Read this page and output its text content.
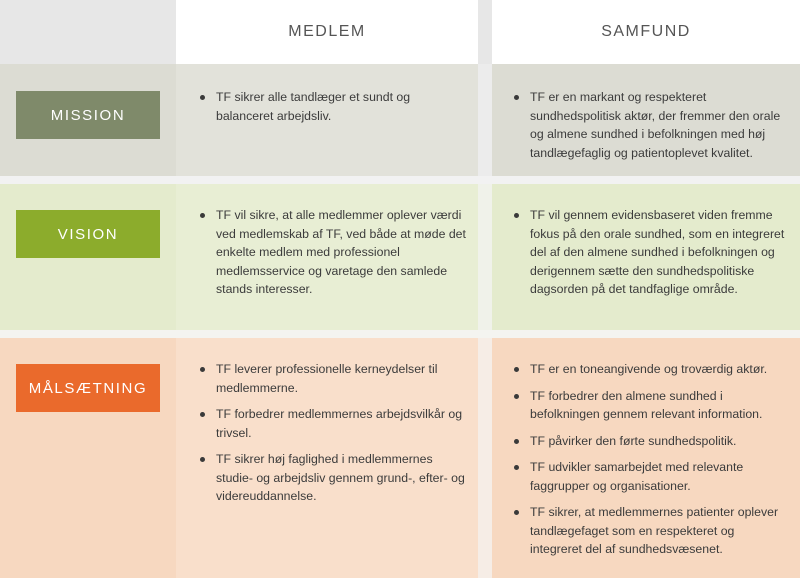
MEDLEM	SAMFUND
MISSION
TF sikrer alle tandlæger et sundt og balanceret arbejdsliv.
TF er en markant og respekteret sundhedspolitisk aktør, der fremmer den orale og almene sundhed i befolkningen med høj tandlægefaglig og patientoplevet kvalitet.
VISION
TF vil sikre, at alle medlemmer oplever værdi ved medlemskab af TF, ved både at møde det enkelte medlem med professionel medlemsservice og varetage den samlede stands interesser.
TF vil gennem evidensbaseret viden fremme fokus på den orale sundhed, som en integreret del af den almene sundhed i befolkningen og derigennem sætte den sundhedspolitiske dagsorden på det tandfaglige område.
MÅLSÆTNING
TF leverer professionelle kerneydelser til medlemmerne.
TF forbedrer medlemmernes arbejdsvilkår og trivsel.
TF sikrer høj faglighed i medlemmernes studie- og arbejdsliv gennem grund-, efter- og videreuddannelse.
TF er en toneangivende og troværdig aktør.
TF forbedrer den almene sundhed i befolkningen gennem relevant information.
TF påvirker den førte sundhedspolitik.
TF udvikler samarbejdet med relevante faggrupper og organisationer.
TF sikrer, at medlemmernes patienter oplever tandlægefaget som en respekteret og integreret del af sundhedsvæsenet.
